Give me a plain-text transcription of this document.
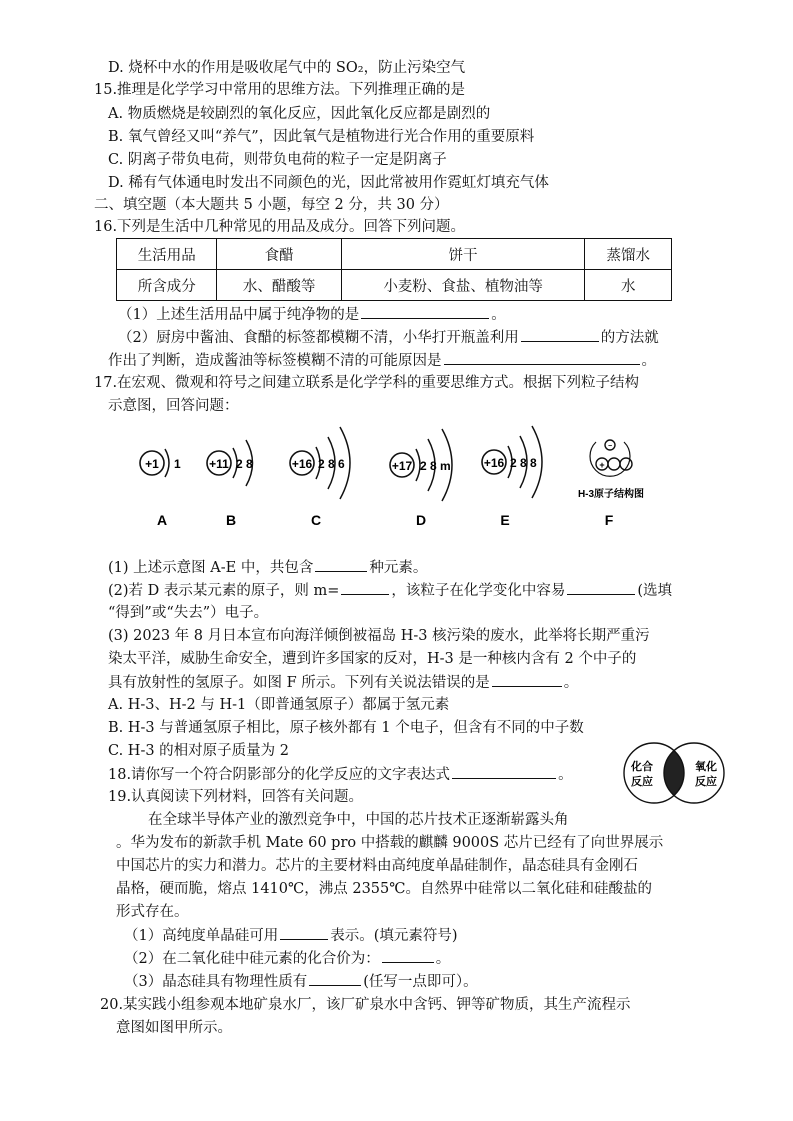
D. 烧杯中水的作用是吸收尾气中的 SO₂，防止污染空气
15.推理是化学学习中常用的思维方法。下列推理正确的是
A. 物质燃烧是较剧烈的氧化反应，因此氧化反应都是剧烈的
B. 氧气曾经又叫“养气”，因此氧气是植物进行光合作用的重要原料
C. 阴离子带负电荷，则带负电荷的粒子一定是阴离子
D. 稀有气体通电时发出不同颜色的光，因此常被用作霓虹灯填充气体
二、填空题（本大题共 5 小题，每空 2 分，共 30 分）
16.下列是生活中几种常见的用品及成分。回答下列问题。
生活用品	食醋	饼干	蒸馏水
所含成分	水、醋酸等	小麦粉、食盐、植物油等	水
（1）上述生活用品中属于纯净物的是	。
（2）厨房中酱油、食醋的标签都模糊不清，小华打开瓶盖利用	的方法就
作出了判断，造成酱油等标签模糊不清的可能原因是	。
17.在宏观、微观和符号之间建立联系是化学学科的重要思维方式。根据下列粒子结构
示意图，回答问题：
+1 1
A
+11 2 8
B
+16 2 8 6
C
+17 2 8 m
D
+16 2 8 8
E
−
+
H-3原子结构图
F
(1) 上述示意图 A-E 中，共包含	种元素。
(2)若 D 表示某元素的原子，则 m=	，该粒子在化学变化中容易	(选填
“得到”或“失去”）电子。
(3) 2023 年 8 月日本宣布向海洋倾倒被福岛 H-3 核污染的废水，此举将长期严重污
染太平洋，威胁生命安全，遭到许多国家的反对，H-3 是一种核内含有 2 个中子的
具有放射性的氢原子。如图 F 所示。下列有关说法错误的是	。
A. H-3、H-2 与 H-1（即普通氢原子）都属于氢元素
B. H-3 与普通氢原子相比，原子核外都有 1 个电子，但含有不同的中子数
C. H-3 的相对原子质量为 2
18.请你写一个符合阴影部分的化学反应的文字表达式	。	化合
反应
氧化
反应
19.认真阅读下列材料，回答有关问题。
在全球半导体产业的激烈竞争中，中国的芯片技术正逐渐崭露头角
。华为发布的新款手机 Mate 60 pro 中搭载的麒麟 9000S 芯片已经有了向世界展示
中国芯片的实力和潜力。芯片的主要材料由高纯度单晶硅制作，晶态硅具有金刚石
晶格，硬而脆，熔点 1410℃，沸点 2355℃。自然界中硅常以二氧化硅和硅酸盐的
形式存在。
（1）高纯度单晶硅可用	表示。(填元素符号)
（2）在二氧化硅中硅元素的化合价为：	。
（3）晶态硅具有物理性质有	(任写一点即可）。
20.某实践小组参观本地矿泉水厂，该厂矿泉水中含钙、钾等矿物质，其生产流程示
意图如图甲所示。
